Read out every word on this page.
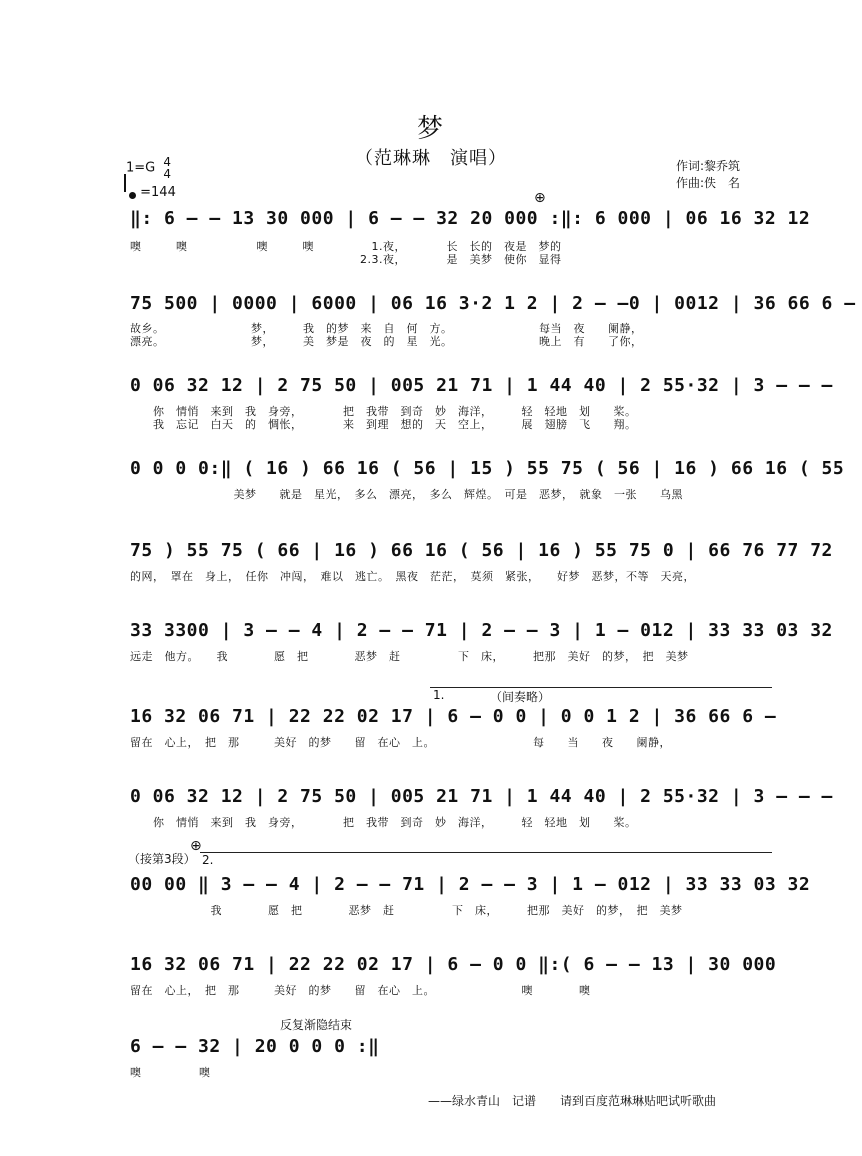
梦
（范琳琳　演唱）
1=G 4
4
=144
作词:黎乔筑
作曲:佚　名
⊕
⊕
1.	（间奏略）
2.
（接第3段）
反复渐隐结束
‖: 6 — — 13 30 000 | 6 — — 32 20 000 :‖: 6 000 | 06 16 32 12
噢　　　噢　　　　　　噢　　　噢　　　　　1.夜，　　　　长　长的　夜是　梦的
　　　　　　　　　　　　　　　　　　　　2.3.夜，　　　　是　美梦　使你　显得
75 500 | 0000 | 6000 | 06 16 3·2 1 2 | 2 — —0 | 0012 | 36 66 6 —
故乡。　　　　　　　　梦，　　　我　的梦　来　自　何　方。　　　　　　　　每当　夜　　阑静，
漂亮。　　　　　　　　梦，　　　美　梦是　夜　的　星　光。　　　　　　　　晚上　有　　了你，
0 06 32 12 | 2 75 50 | 005 21 71 | 1 44 40 | 2 55·32 | 3 — — —
　　你　情悄　来到　我　身旁，　　　　把　我带　到奇　妙　海洋，　　　轻　轻地　划　　桨。
　　我　忘记　白天　的　惆怅，　　　　来　到理　想的　天　空上，　　　展　翅膀　飞　　翔。
0 0 0 0:‖ ( 16 ) 66 16 ( 56 | 15 ) 55 75 ( 56 | 16 ) 66 16 ( 55
　　　　　　　　　美梦　　就是　星光，　多么　漂亮，　多么　辉煌。　可是　恶梦，　就象　一张　　乌黑
75 ) 55 75 ( 66 | 16 ) 66 16 ( 56 | 16 ) 55 75 0 | 66 76 77 72
的网，　罩在　身上，　任你　冲闯，　难以　逃亡。　黑夜　茫茫，　莫须　紧张，　　好梦　恶梦，不等　天亮，
33 3300 | 3 — — 4 | 2 — — 71 | 2 — — 3 | 1 — 012 | 33 33 03 32
远走　他方。　　我　　　　愿　把　　　　恶梦　赶　　　　　下　床，　　　把那　美好　的梦，　把　美梦
16 32 06 71 | 22 22 02 17 | 6 — 0 0 | 0 0 1 2 | 36 66 6 —
留在　心上，　把　那　　　美好　的梦　　留　在心　上。　　　　　　　　　每　　当　　夜　　阑静，
0 06 32 12 | 2 75 50 | 005 21 71 | 1 44 40 | 2 55·32 | 3 — — —
　　你　情悄　来到　我　身旁，　　　　把　我带　到奇　妙　海洋，　　　轻　轻地　划　　桨。
00 00 ‖ 3 — — 4 | 2 — — 71 | 2 — — 3 | 1 — 012 | 33 33 03 32
　　　　　　　我　　　　愿　把　　　　恶梦　赶　　　　　下　床，　　　把那　美好　的梦，　把　美梦
16 32 06 71 | 22 22 02 17 | 6 — 0 0 ‖:( 6 — — 13 | 30 000
留在　心上，　把　那　　　美好　的梦　　留　在心　上。　　　　　　　　噢　　　　噢
6 — — 32 | 20 0 0 0 :‖
噢　　　　　噢
——绿水青山　记谱　　请到百度范琳琳贴吧试听歌曲
